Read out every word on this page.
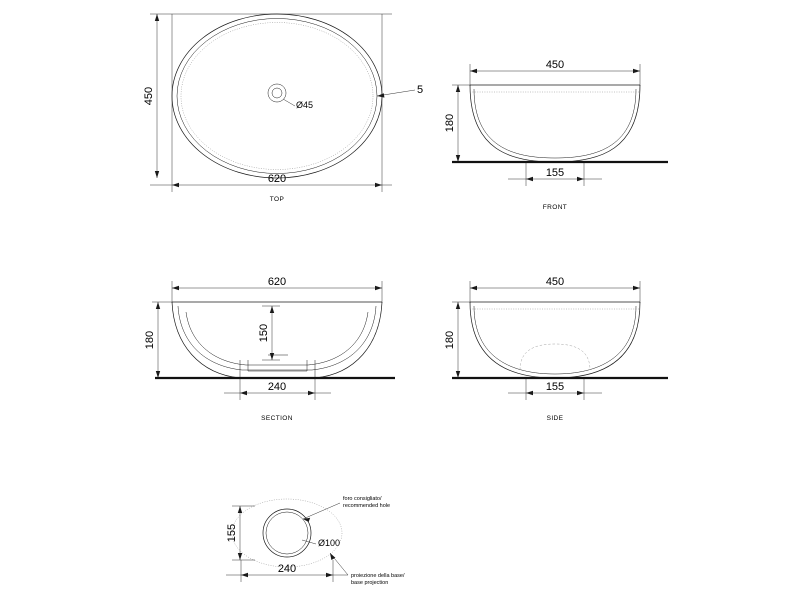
Ø45
620
450	5
TOP
450
180
155
FRONT
620
180	150
240
SECTION
450
180
155
SIDE
foro consigliato/
recommended hole
proiezione della base/
base projection
Ø100
155
240
